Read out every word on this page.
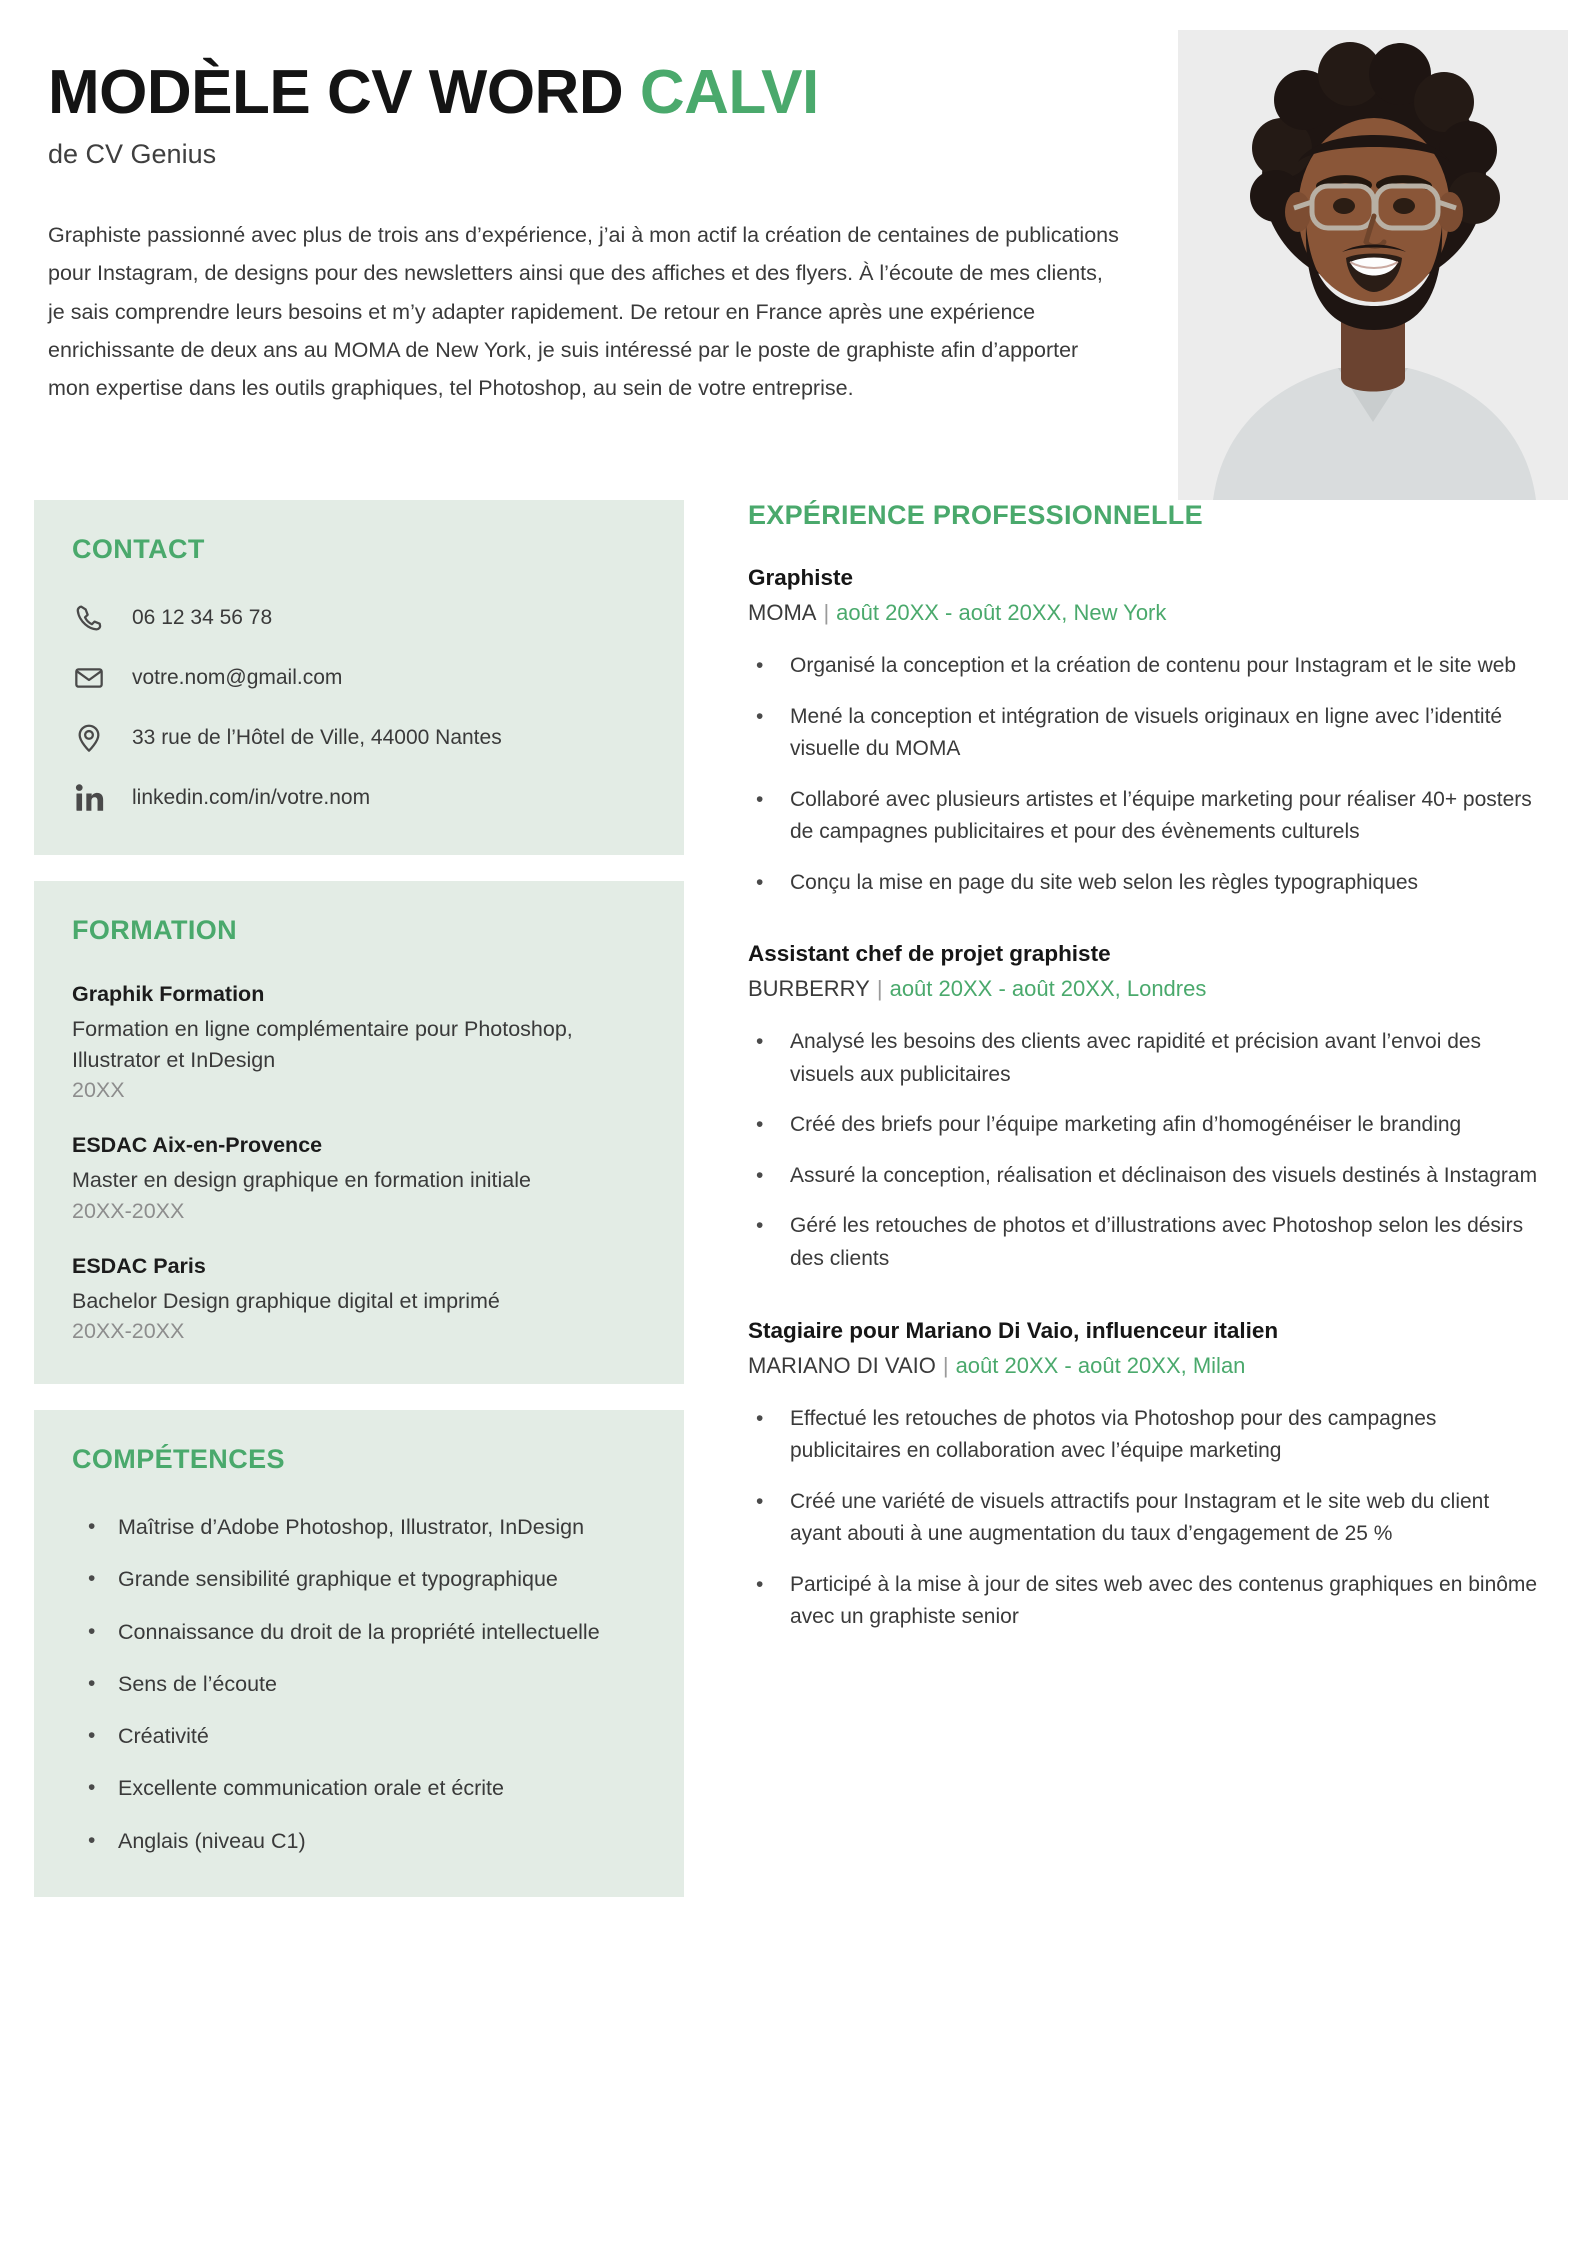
MODÈLE CV WORD CALVI
de CV Genius

Graphiste passionné avec plus de trois ans d’expérience, j’ai à mon actif la création de centaines de publications pour Instagram, de designs pour des newsletters ainsi que des affiches et des flyers. À l’écoute de mes clients, je sais comprendre leurs besoins et m’y adapter rapidement. De retour en France après une expérience enrichissante de deux ans au MOMA de New York, je suis intéressé par le poste de graphiste afin d’apporter mon expertise dans les outils graphiques, tel Photoshop, au sein de votre entreprise.

CONTACT
06 12 34 56 78
votre.nom@gmail.com
33 rue de l’Hôtel de Ville, 44000 Nantes
linkedin.com/in/votre.nom
FORMATION
Graphik Formation
Formation en ligne complémentaire pour Photoshop, Illustrator et InDesign
20XX
ESDAC Aix-en-Provence
Master en design graphique en formation initiale
20XX-20XX
ESDAC Paris
Bachelor Design graphique digital et imprimé
20XX-20XX
COMPÉTENCES
•	Maîtrise d’Adobe Photoshop, Illustrator, InDesign
•	Grande sensibilité graphique et typographique
•	Connaissance du droit de la propriété intellectuelle
•	Sens de l’écoute
•	Créativité
•	Excellente communication orale et écrite
•	Anglais (niveau C1)
EXPÉRIENCE PROFESSIONNELLE
Graphiste
MOMA | août 20XX - août 20XX, New York
•	Organisé la conception et la création de contenu pour Instagram et le site web
•	Mené la conception et intégration de visuels originaux en ligne avec l’identité visuelle du MOMA
•	Collaboré avec plusieurs artistes et l’équipe marketing pour réaliser 40+ posters de campagnes publicitaires et pour des évènements culturels
•	Conçu la mise en page du site web selon les règles typographiques
Assistant chef de projet graphiste
BURBERRY | août 20XX - août 20XX, Londres
•	Analysé les besoins des clients avec rapidité et précision avant l’envoi des visuels aux publicitaires
•	Créé des briefs pour l’équipe marketing afin d’homogénéiser le branding
•	Assuré la conception, réalisation et déclinaison des visuels destinés à Instagram
•	Géré les retouches de photos et d’illustrations avec Photoshop selon les désirs des clients
Stagiaire pour Mariano Di Vaio, influenceur italien
MARIANO DI VAIO | août 20XX - août 20XX, Milan
•	Effectué les retouches de photos via Photoshop pour des campagnes publicitaires en collaboration avec l’équipe marketing
•	Créé une variété de visuels attractifs pour Instagram et le site web du client ayant abouti à une augmentation du taux d’engagement de 25 %
•	Participé à la mise à jour de sites web avec des contenus graphiques en binôme avec un graphiste senior
